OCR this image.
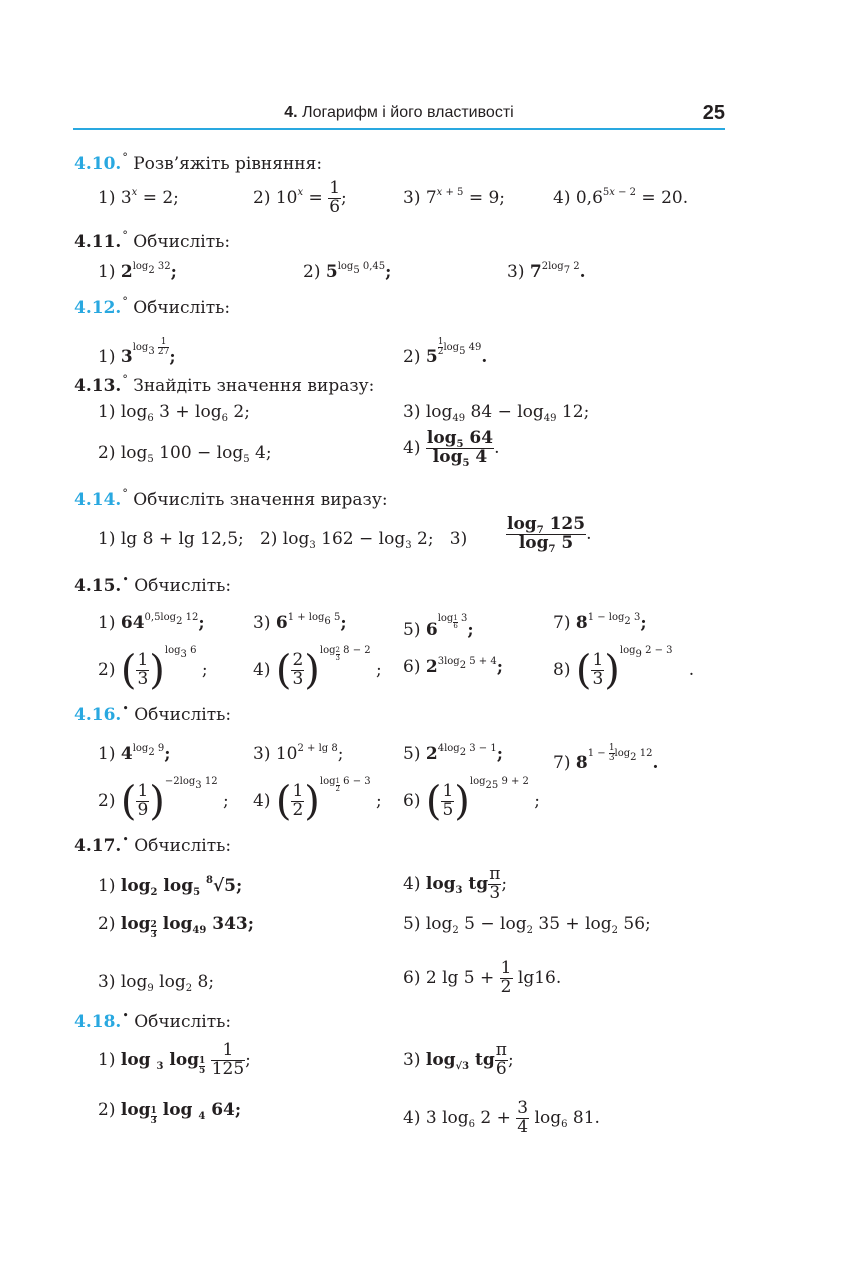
4. Логарифм і його властивості	25
4.10.° Розв’яжіть рівняння:
1) $3^x = 2$;	2) $10^x = \frac{1}{6}$ ;	3) $7^{x + 5} = 9$;	4) $0,6^{5x - 2} = 20$.
4.11.° Обчисліть:
1) $2^{log_2 32}$;	2) $5^{log_5 0,45}$;	3) $7^{2log_7 2}$.
4.12.° Обчисліть:
1) $3^{log_3 \frac{1}{27}}$ ;	2) 5 $^{\frac{1}{2} log_5 49}$.
4.13.° Знайдіть значення виразу:
1) $\log_6 3 + \log_6 2$;	3) $\log_{49} 84 - \log_{49} 12$;
2) $\log_5 100 - \log_5 4$;	$4) \frac{\log_5 64}{\log_5 4}$ .
4.14.° Обчисліть значення виразу:
1) lg 8 + lg 12,5;   2) $\log_3 162 - \log_3 2$;   $3) \frac{\log_7 125}{\log_7 5}$ .
4.15.• Обчисліть:
1) $64^{0,5log_2 12}$;	3) $6^{1 + log_6 5}$;	5) $6^{log _{\frac{1}{6}} 3}$;	7) $8^{1 - log_2 3}$;
2) ( $\frac{1}{3} )^{log_3 6}$ ;	4) ( $\frac{2}{3} )^{log _{\frac{2}{3}} 8 - 2}$ ; 6) $2^{3log_2 5 + 4}$;	8) ( $\frac{1}{3} )^{log_9 2 - 3}$   .
4.16.• Обчисліть:
1) $4^{log_2 9}$;	3) $10^{2 + lg 8}$;	5) $2^{4log_2 3 - 1}$;	7) $8^{1 - \frac{1}{3} log_2 12}$.
2) ( $\frac{1}{9} )^{-2log_3 12}$ ; 4) ( $\frac{1}{2} )^{log _{\frac{1}{2}} 6 - 3}$ ; 6) ( $\frac{1}{5} )^{log_{25} 9 + 2}$ ;
4.17.• Обчисліть:
1) $\log_2 \log_5 ^8√5$;	4) $\log_3$ tg $\frac{\pi}{3}$ ;
2) log $_{\frac{2}{3}}$ $\log_{49} 343$;	5) $\log_2 5 - \log_2 35 + \log_2 56$;
3) $\log_9 \log_2 8$;	6) 2 $\lg 5 + \frac{1}{2} \lg 16$.
4.18.• Обчисліть:
1) log $_3$ log $_{\frac{1}{5}}$
$\frac{1}{125}$ ;	3) $\log_{√3}$ tg $\frac{\pi}{6}$ ;
2) log $_{\frac{1}{3}}$ log $_4$ 64;	4) 3 $\log_6 2 + \frac{3}{4} \log_6 81$.
